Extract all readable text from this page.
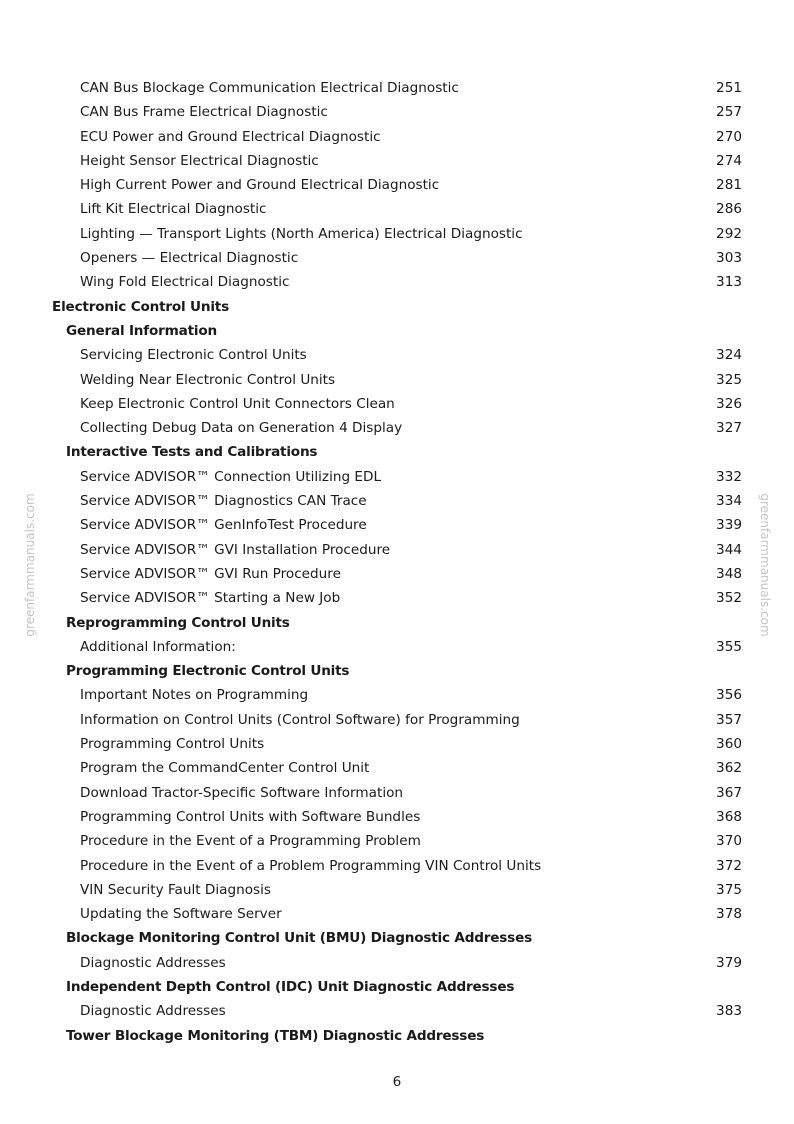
CAN Bus Blockage Communication Electrical Diagnostic	251
CAN Bus Frame Electrical Diagnostic	257
ECU Power and Ground Electrical Diagnostic	270
Height Sensor Electrical Diagnostic	274
High Current Power and Ground Electrical Diagnostic	281
Lift Kit Electrical Diagnostic	286
Lighting — Transport Lights (North America) Electrical Diagnostic	292
Openers — Electrical Diagnostic	303
Wing Fold Electrical Diagnostic	313
Electronic Control Units
General Information
Servicing Electronic Control Units	324
Welding Near Electronic Control Units	325
Keep Electronic Control Unit Connectors Clean	326
Collecting Debug Data on Generation 4 Display	327
Interactive Tests and Calibrations
Service ADVISOR™ Connection Utilizing EDL	332
Service ADVISOR™ Diagnostics CAN Trace	334
Service ADVISOR™ GenInfoTest Procedure	339
Service ADVISOR™ GVI Installation Procedure	344
Service ADVISOR™ GVI Run Procedure	348
Service ADVISOR™ Starting a New Job	352
Reprogramming Control Units
Additional Information:	355
Programming Electronic Control Units
Important Notes on Programming	356
Information on Control Units (Control Software) for Programming	357
Programming Control Units	360
Program the CommandCenter Control Unit	362
Download Tractor-Specific Software Information	367
Programming Control Units with Software Bundles	368
Procedure in the Event of a Programming Problem	370
Procedure in the Event of a Problem Programming VIN Control Units	372
VIN Security Fault Diagnosis	375
Updating the Software Server	378
Blockage Monitoring Control Unit (BMU) Diagnostic Addresses
Diagnostic Addresses	379
Independent Depth Control (IDC) Unit Diagnostic Addresses
Diagnostic Addresses	383
Tower Blockage Monitoring (TBM) Diagnostic Addresses
greenfarmmanuals.com	greenfarmmanuals.com
6
